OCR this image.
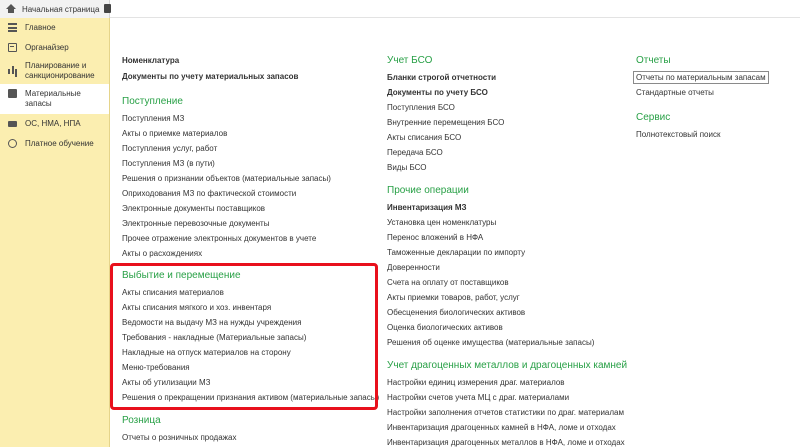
Начальная страница
Главное
Органайзер
Планирование и санкционирование
Материальные запасы
ОС, НМА, НПА
Платное обучение
Номенклатура
Документы по учету материальных запасов
Поступление
Поступления МЗ
Акты о приемке материалов
Поступления услуг, работ
Поступления МЗ (в пути)
Решения о признании объектов (материальные запасы)
Оприходования МЗ по фактической стоимости
Электронные документы поставщиков
Электронные перевозочные документы
Прочее отражение электронных документов в учете
Акты о расхождениях
Выбытие и перемещение
Акты списания материалов
Акты списания мягкого и хоз. инвентаря
Ведомости на выдачу МЗ на нужды учреждения
Требования - накладные (Материальные запасы)
Накладные на отпуск материалов на сторону
Меню-требования
Акты об утилизации МЗ
Решения о прекращении признания активом (материальные запасы)
Розница
Отчеты о розничных продажах
Учет БСО
Бланки строгой отчетности
Документы по учету БСО
Поступления БСО
Внутренние перемещения БСО
Акты списания БСО
Передача БСО
Виды БСО
Прочие операции
Инвентаризация МЗ
Установка цен номенклатуры
Перенос вложений в НФА
Таможенные декларации по импорту
Доверенности
Счета на оплату от поставщиков
Акты приемки товаров, работ, услуг
Обесценения биологических активов
Оценка биологических активов
Решения об оценке имущества (материальные запасы)
Учет драгоценных металлов и драгоценных камней
Настройки единиц измерения драг. материалов
Настройки счетов учета МЦ с драг. материалами
Настройки заполнения отчетов статистики по драг. материалам
Инвентаризация драгоценных камней в НФА, ломе и отходах
Инвентаризация драгоценных металлов в НФА, ломе и отходах
Отчеты
Отчеты по материальным запасам
Стандартные отчеты
Сервис
Полнотекстовый поиск
